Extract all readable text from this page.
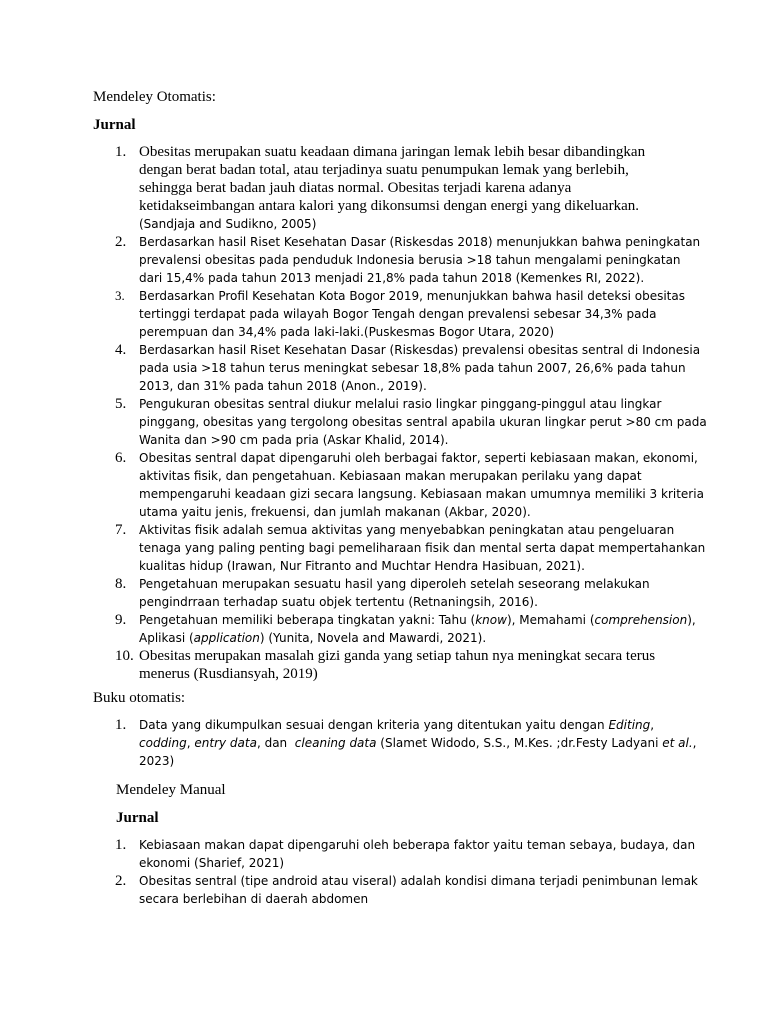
Mendeley Otomatis:
Jurnal
1. Obesitas merupakan suatu keadaan dimana jaringan lemak lebih besar dibandingkan
dengan berat badan total, atau terjadinya suatu penumpukan lemak yang berlebih,
sehingga berat badan jauh diatas normal. Obesitas terjadi karena adanya
ketidakseimbangan antara kalori yang dikonsumsi dengan energi yang dikeluarkan.
(Sandjaja and Sudikno, 2005)
2.	Berdasarkan hasil Riset Kesehatan Dasar (Riskesdas 2018) menunjukkan bahwa peningkatan
prevalensi obesitas pada penduduk Indonesia berusia >18 tahun mengalami peningkatan
dari 15,4% pada tahun 2013 menjadi 21,8% pada tahun 2018 (Kemenkes RI, 2022).
3.	Berdasarkan Profil Kesehatan Kota Bogor 2019, menunjukkan bahwa hasil deteksi obesitas
tertinggi terdapat pada wilayah Bogor Tengah dengan prevalensi sebesar 34,3% pada
perempuan dan 34,4% pada laki-laki.(Puskesmas Bogor Utara, 2020)
4.	Berdasarkan hasil Riset Kesehatan Dasar (Riskesdas) prevalensi obesitas sentral di Indonesia
pada usia >18 tahun terus meningkat sebesar 18,8% pada tahun 2007, 26,6% pada tahun
2013, dan 31% pada tahun 2018 (Anon., 2019).
5.	Pengukuran obesitas sentral diukur melalui rasio lingkar pinggang-pinggul atau lingkar
pinggang, obesitas yang tergolong obesitas sentral apabila ukuran lingkar perut >80 cm pada
Wanita dan >90 cm pada pria (Askar Khalid, 2014).
6.	Obesitas sentral dapat dipengaruhi oleh berbagai faktor, seperti kebiasaan makan, ekonomi,
aktivitas fisik, dan pengetahuan. Kebiasaan makan merupakan perilaku yang dapat
mempengaruhi keadaan gizi secara langsung. Kebiasaan makan umumnya memiliki 3 kriteria
utama yaitu jenis, frekuensi, dan jumlah makanan (Akbar, 2020).
7.	Aktivitas fisik adalah semua aktivitas yang menyebabkan peningkatan atau pengeluaran
tenaga yang paling penting bagi pemeliharaan fisik dan mental serta dapat mempertahankan
kualitas hidup (Irawan, Nur Fitranto and Muchtar Hendra Hasibuan, 2021).
8.	Pengetahuan merupakan sesuatu hasil yang diperoleh setelah seseorang melakukan
pengindrraan terhadap suatu objek tertentu (Retnaningsih, 2016).
9.	Pengetahuan memiliki beberapa tingkatan yakni: Tahu (know), Memahami (comprehension),
Aplikasi (application) (Yunita, Novela and Mawardi, 2021).
10. Obesitas merupakan masalah gizi ganda yang setiap tahun nya meningkat secara terus
menerus (Rusdiansyah, 2019)
Buku otomatis:
1.	Data yang dikumpulkan sesuai dengan kriteria yang ditentukan yaitu dengan Editing,
codding, entry data, dan  cleaning data (Slamet Widodo, S.S., M.Kes. ;dr.Festy Ladyani et al.,
2023)
Mendeley Manual
Jurnal
1.	Kebiasaan makan dapat dipengaruhi oleh beberapa faktor yaitu teman sebaya, budaya, dan
ekonomi (Sharief, 2021)
2.	Obesitas sentral (tipe android atau viseral) adalah kondisi dimana terjadi penimbunan lemak
secara berlebihan di daerah abdomen
